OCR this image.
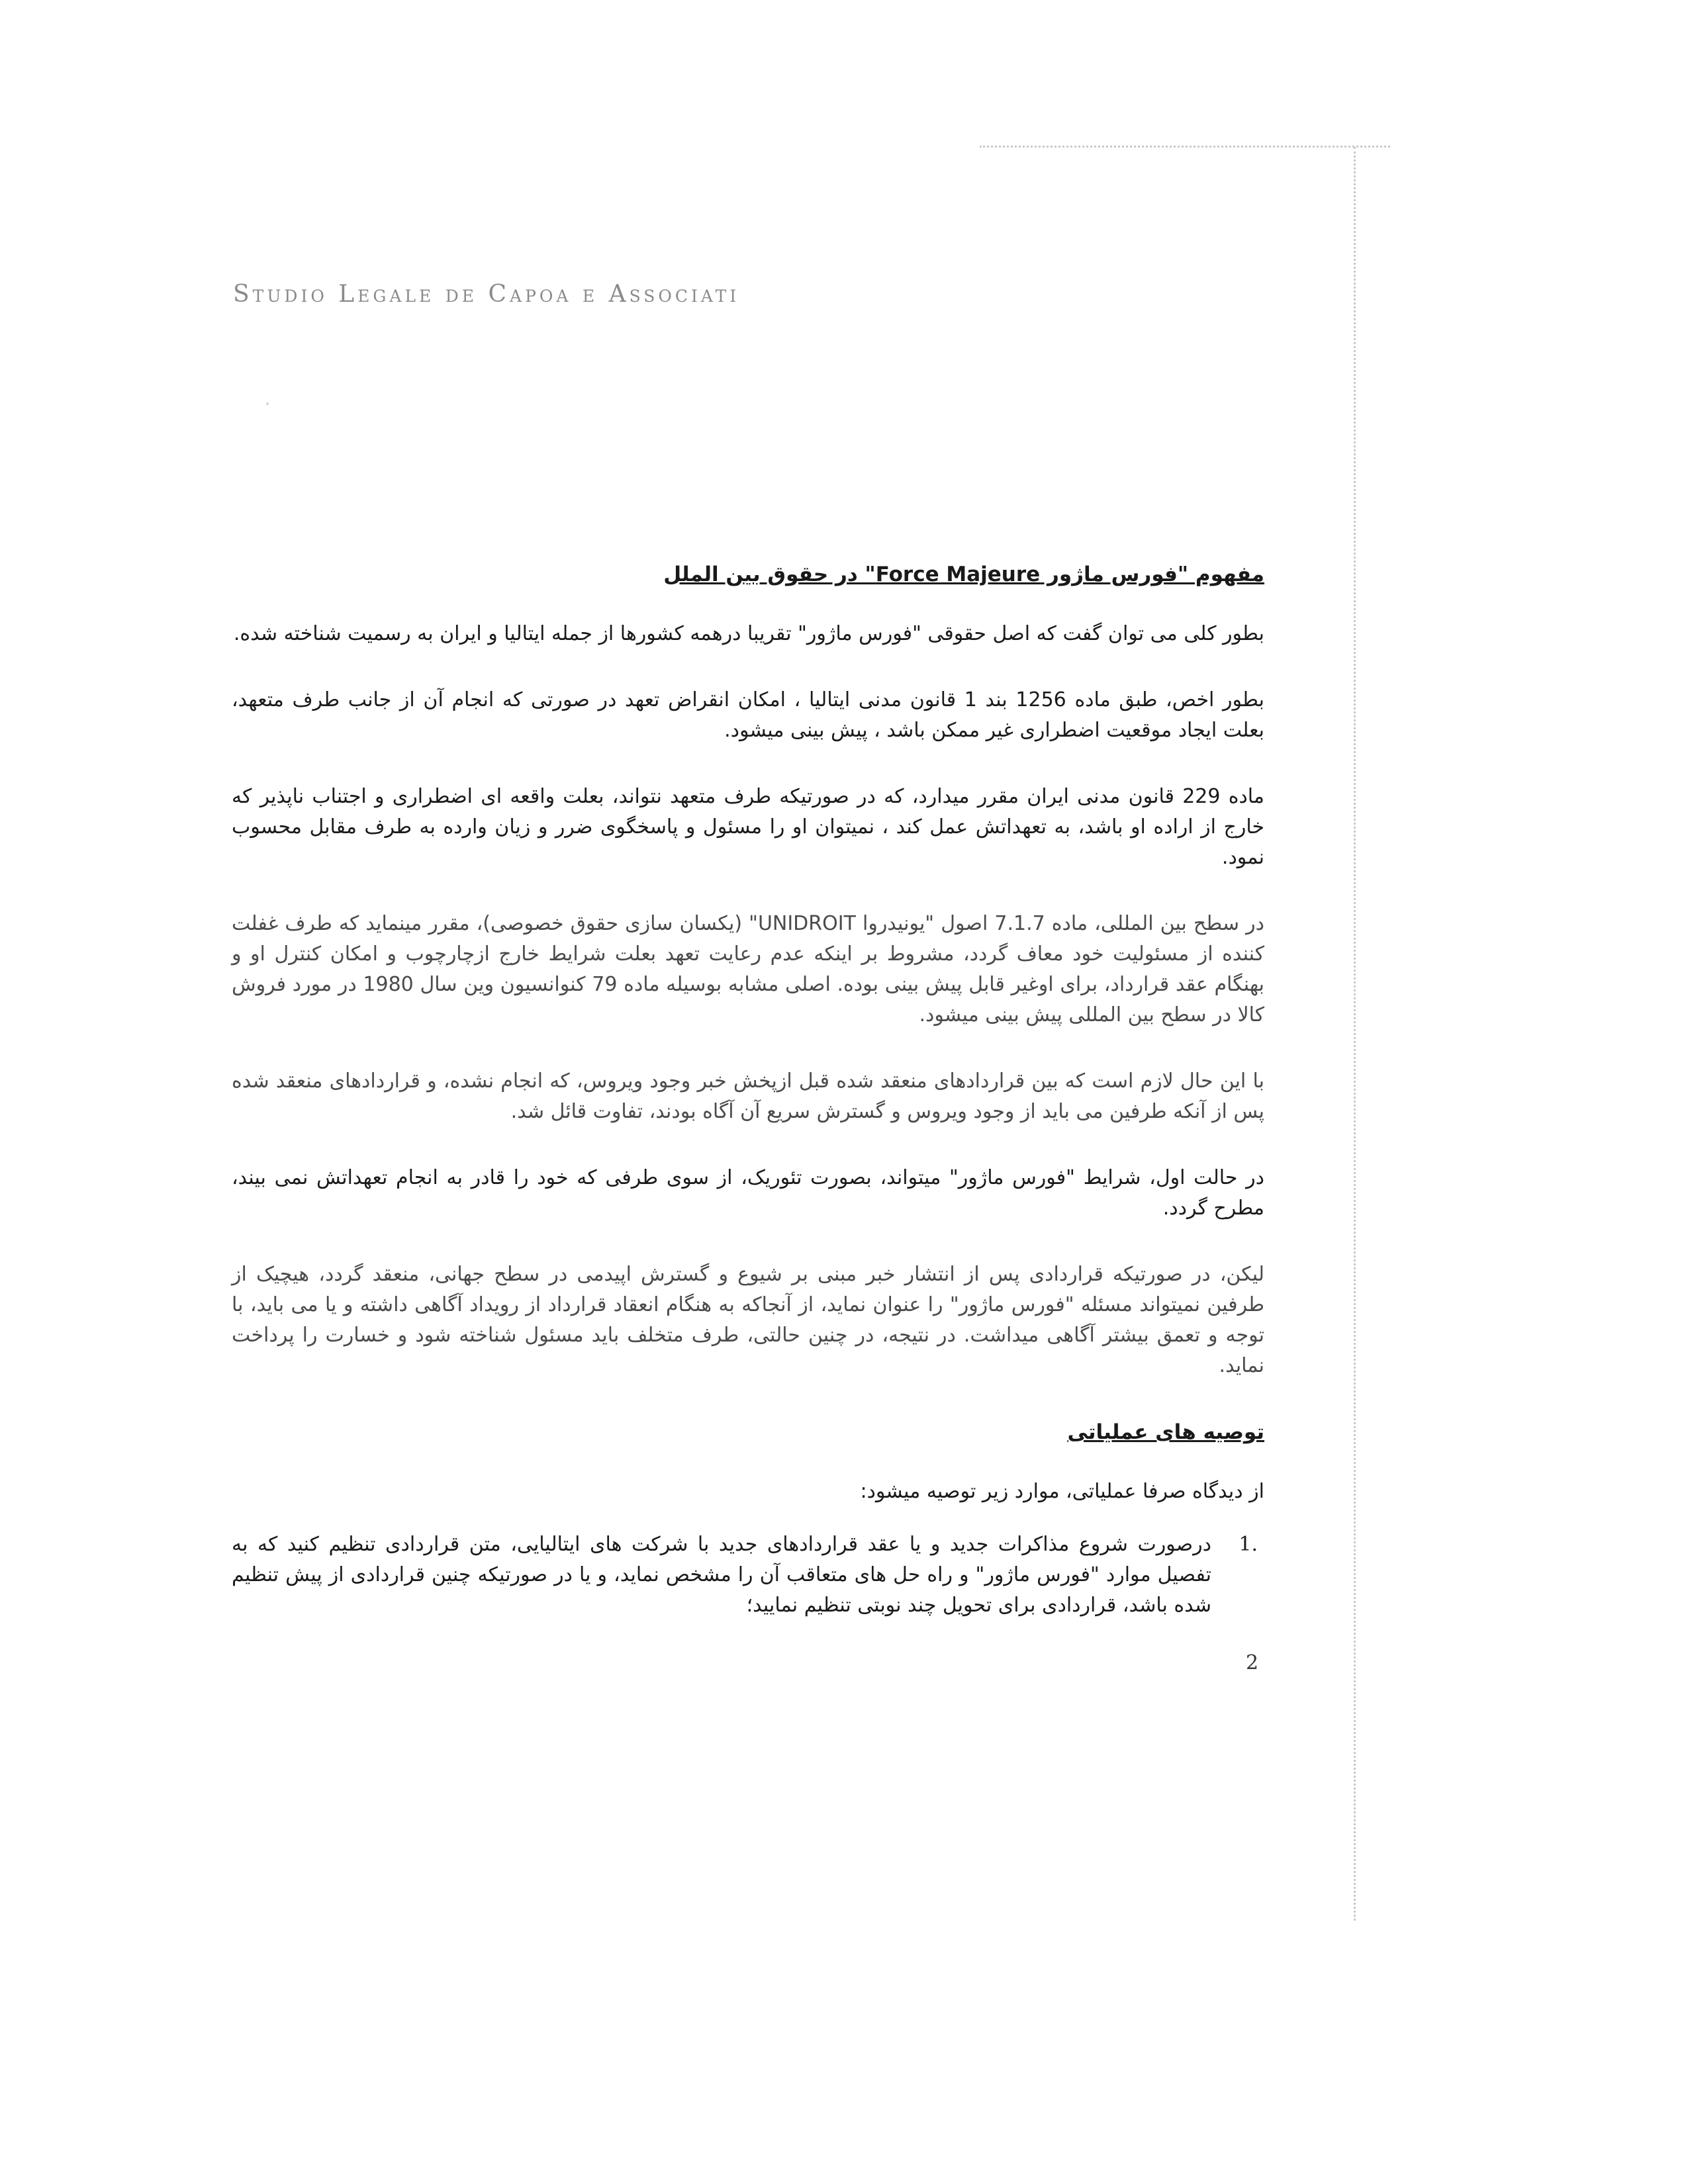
Studio Legale de Capoa e Associati
مفهوم "فورس ماژور Force Majeure" در حقوق بین الملل

بطور کلی می توان گفت که اصل حقوقی "فورس ماژور" تقریبا درهمه کشورها از جمله ایتالیا و ایران به رسمیت شناخته شده.

بطور اخص، طبق ماده 1256 بند 1 قانون مدنی ایتالیا ، امکان انقراض تعهد در صورتی که انجام آن از جانب طرف متعهد، بعلت ایجاد موقعیت اضطراری غیر ممکن باشد ، پیش بینی میشود.

ماده 229 قانون مدنی ایران مقرر میدارد، که در صورتیکه طرف متعهد نتواند، بعلت واقعه ای اضطراری و اجتناب ناپذیر که خارج از اراده او باشد، به تعهداتش عمل کند ، نمیتوان او را مسئول و پاسخگوی ضرر و زیان وارده به طرف مقابل محسوب نمود.

در سطح بین المللی، ماده 7.1.7 اصول "یونیدروا UNIDROIT" (یکسان سازی حقوق خصوصی)، مقرر مینماید که طرف غفلت کننده از مسئولیت خود معاف گردد، مشروط بر اینکه عدم رعایت تعهد بعلت شرایط خارج ازچارچوب و امکان کنترل او و بهنگام عقد قرارداد، برای اوغیر قابل پیش بینی بوده. اصلی مشابه بوسیله ماده 79 کنوانسیون وین سال 1980 در مورد فروش کالا در سطح بین المللی پیش بینی میشود.

با این حال لازم است که بین قراردادهای منعقد شده قبل ازپخش خبر وجود ویروس، که انجام نشده، و قراردادهای منعقد شده پس از آنکه طرفین می باید از وجود ویروس و گسترش سریع آن آگاه بودند، تفاوت قائل شد.

در حالت اول، شرایط "فورس ماژور" میتواند، بصورت تئوریک، از سوی طرفی که خود را قادر به انجام تعهداتش نمی بیند، مطرح گردد.

لیکن، در صورتیکه قراردادی پس از انتشار خبر مبنی بر شیوع و گسترش اپیدمی در سطح جهانی، منعقد گردد، هیچیک از طرفین نمیتواند مسئله "فورس ماژور" را عنوان نماید، از آنجاکه به هنگام انعقاد قرارداد از رویداد آگاهی داشته و یا می باید، با توجه و تعمق بیشتر آگاهی میداشت. در نتیجه، در چنین حالتی، طرف متخلف باید مسئول شناخته شود و خسارت را پرداخت نماید.

توصیه های عملیاتی

از دیدگاه صرفا عملیاتی، موارد زیر توصیه میشود:

1.
درصورت شروع مذاکرات جدید و یا عقد قراردادهای جدید با شرکت های ایتالیایی، متن قراردادی تنظیم کنید که به تفصیل موارد "فورس ماژور" و راه حل های متعاقب آن را مشخص نماید، و یا در صورتیکه چنین قراردادی از پیش تنظیم شده باشد، قراردادی برای تحویل چند نوبتی تنظیم نمایید؛
2
